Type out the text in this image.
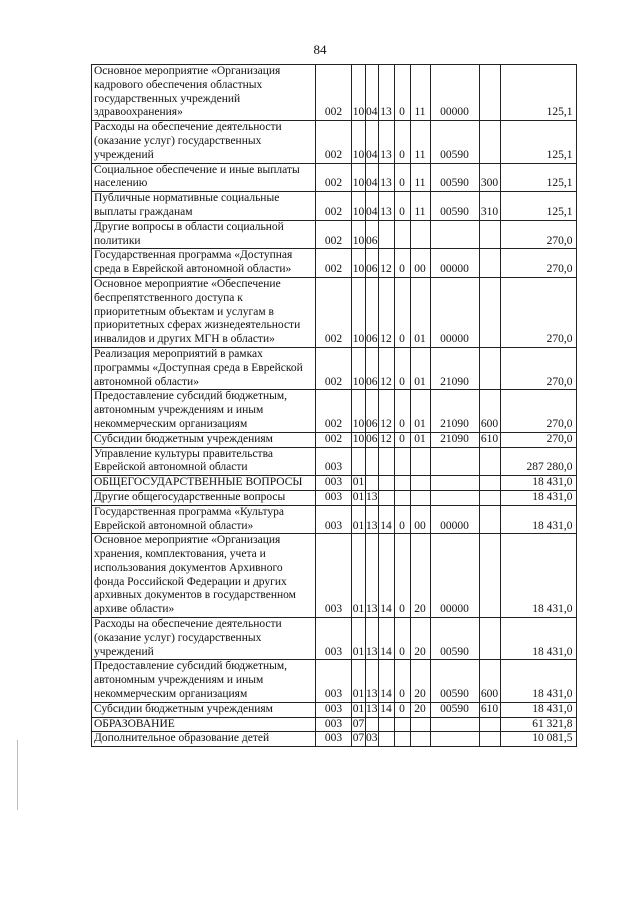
84
Основное мероприятие «Организация кадрового обеспечения областных государственных учреждений здравоохранения»	002	10	04	13	0	11	00000		125,1
Расходы на обеспечение деятельности (оказание услуг) государственных учреждений	002	10	04	13	0	11	00590		125,1
Социальное обеспечение и иные выплаты населению	002	10	04	13	0	11	00590	300	125,1
Публичные нормативные социальные выплаты гражданам	002	10	04	13	0	11	00590	310	125,1
Другие вопросы в области социальной политики	002	10	06						270,0
Государственная программа «Доступная среда в Еврейской автономной области»	002	10	06	12	0	00	00000		270,0
Основное мероприятие «Обеспечение беспрепятственного доступа к приоритетным объектам и услугам в приоритетных сферах жизнедеятельности инвалидов и других МГН в области»	002	10	06	12	0	01	00000		270,0
Реализация мероприятий в рамках программы «Доступная среда в Еврейской автономной области»	002	10	06	12	0	01	21090		270,0
Предоставление субсидий бюджетным, автономным учреждениям и иным некоммерческим организациям	002	10	06	12	0	01	21090	600	270,0
Субсидии бюджетным учреждениям	002	10	06	12	0	01	21090	610	270,0
Управление культуры правительства Еврейской автономной области	003								287 280,0
ОБЩЕГОСУДАРСТВЕННЫЕ ВОПРОСЫ	003	01							18 431,0
Другие общегосударственные вопросы	003	01	13						18 431,0
Государственная программа «Культура Еврейской автономной области»	003	01	13	14	0	00	00000		18 431,0
Основное мероприятие «Организация хранения, комплектования, учета и использования документов Архивного фонда Российской Федерации и других архивных документов в государственном архиве области»	003	01	13	14	0	20	00000		18 431,0
Расходы на обеспечение деятельности (оказание услуг) государственных учреждений	003	01	13	14	0	20	00590		18 431,0
Предоставление субсидий бюджетным, автономным учреждениям и иным некоммерческим организациям	003	01	13	14	0	20	00590	600	18 431,0
Субсидии бюджетным учреждениям	003	01	13	14	0	20	00590	610	18 431,0
ОБРАЗОВАНИЕ	003	07							61 321,8
Дополнительное образование детей	003	07	03						10 081,5
